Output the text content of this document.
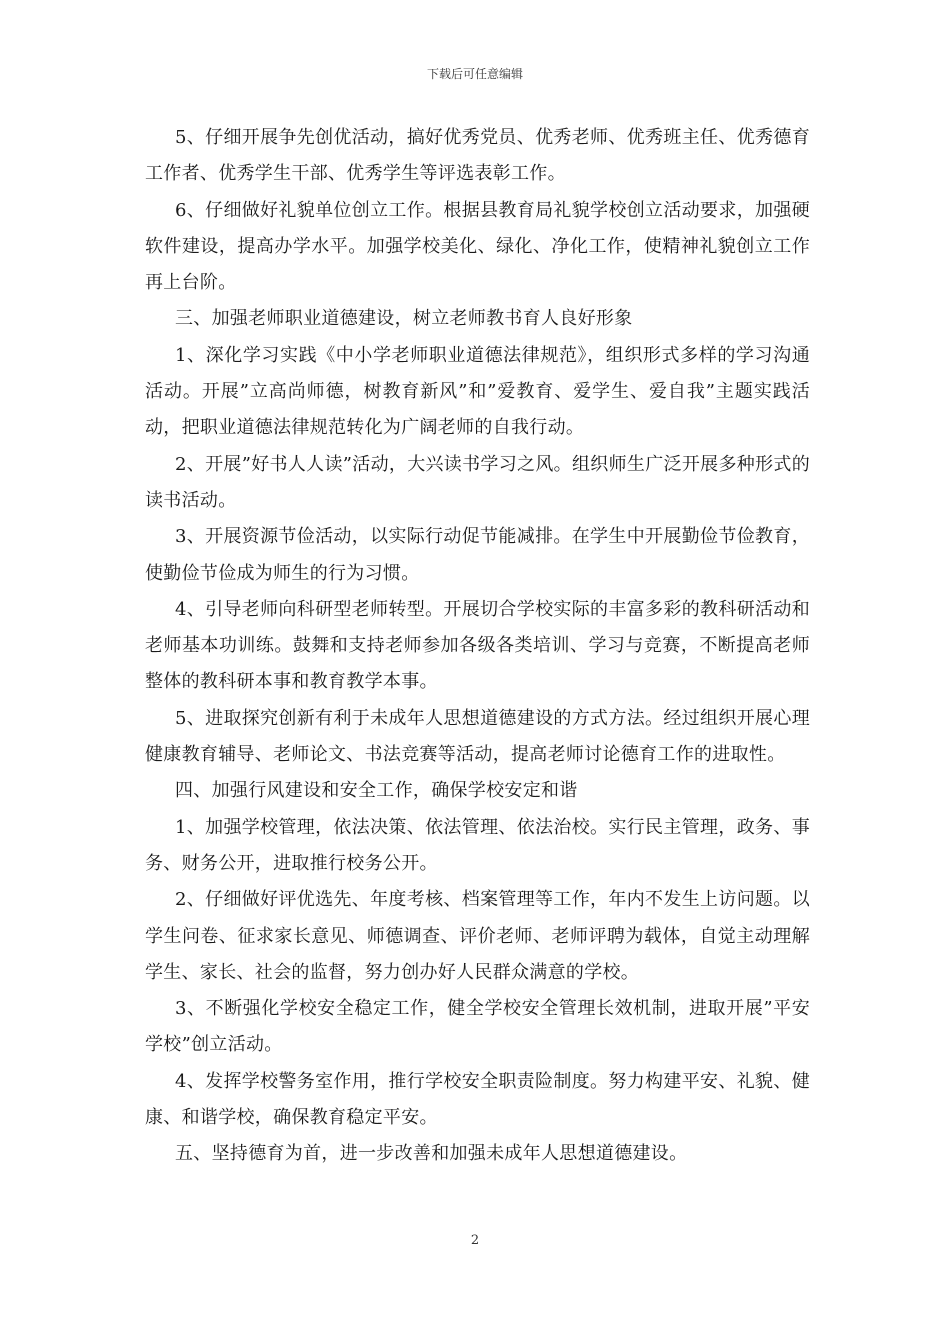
下载后可任意编辑

5、仔细开展争先创优活动，搞好优秀党员、优秀老师、优秀班主任、优秀德育工作者、优秀学生干部、优秀学生等评选表彰工作。

6、仔细做好礼貌单位创立工作。根据县教育局礼貌学校创立活动要求，加强硬软件建设，提高办学水平。加强学校美化、绿化、净化工作，使精神礼貌创立工作再上台阶。

三、加强老师职业道德建设，树立老师教书育人良好形象

1、深化学习实践《中小学老师职业道德法律规范》，组织形式多样的学习沟通活动。开展”立高尚师德，树教育新风”和”爱教育、爱学生、爱自我”主题实践活动，把职业道德法律规范转化为广阔老师的自我行动。

2、开展”好书人人读”活动，大兴读书学习之风。组织师生广泛开展多种形式的读书活动。

3、开展资源节俭活动，以实际行动促节能减排。在学生中开展勤俭节俭教育，使勤俭节俭成为师生的行为习惯。

4、引导老师向科研型老师转型。开展切合学校实际的丰富多彩的教科研活动和老师基本功训练。鼓舞和支持老师参加各级各类培训、学习与竞赛，不断提高老师整体的教科研本事和教育教学本事。

5、进取探究创新有利于未成年人思想道德建设的方式方法。经过组织开展心理健康教育辅导、老师论文、书法竞赛等活动，提高老师讨论德育工作的进取性。

四、加强行风建设和安全工作，确保学校安定和谐

1、加强学校管理，依法决策、依法管理、依法治校。实行民主管理，政务、事务、财务公开，进取推行校务公开。

2、仔细做好评优选先、年度考核、档案管理等工作，年内不发生上访问题。以学生问卷、征求家长意见、师德调查、评价老师、老师评聘为载体，自觉主动理解学生、家长、社会的监督，努力创办好人民群众满意的学校。

3、不断强化学校安全稳定工作，健全学校安全管理长效机制，进取开展”平安学校”创立活动。

4、发挥学校警务室作用，推行学校安全职责险制度。努力构建平安、礼貌、健康、和谐学校，确保教育稳定平安。

五、坚持德育为首，进一步改善和加强未成年人思想道德建设。

2
